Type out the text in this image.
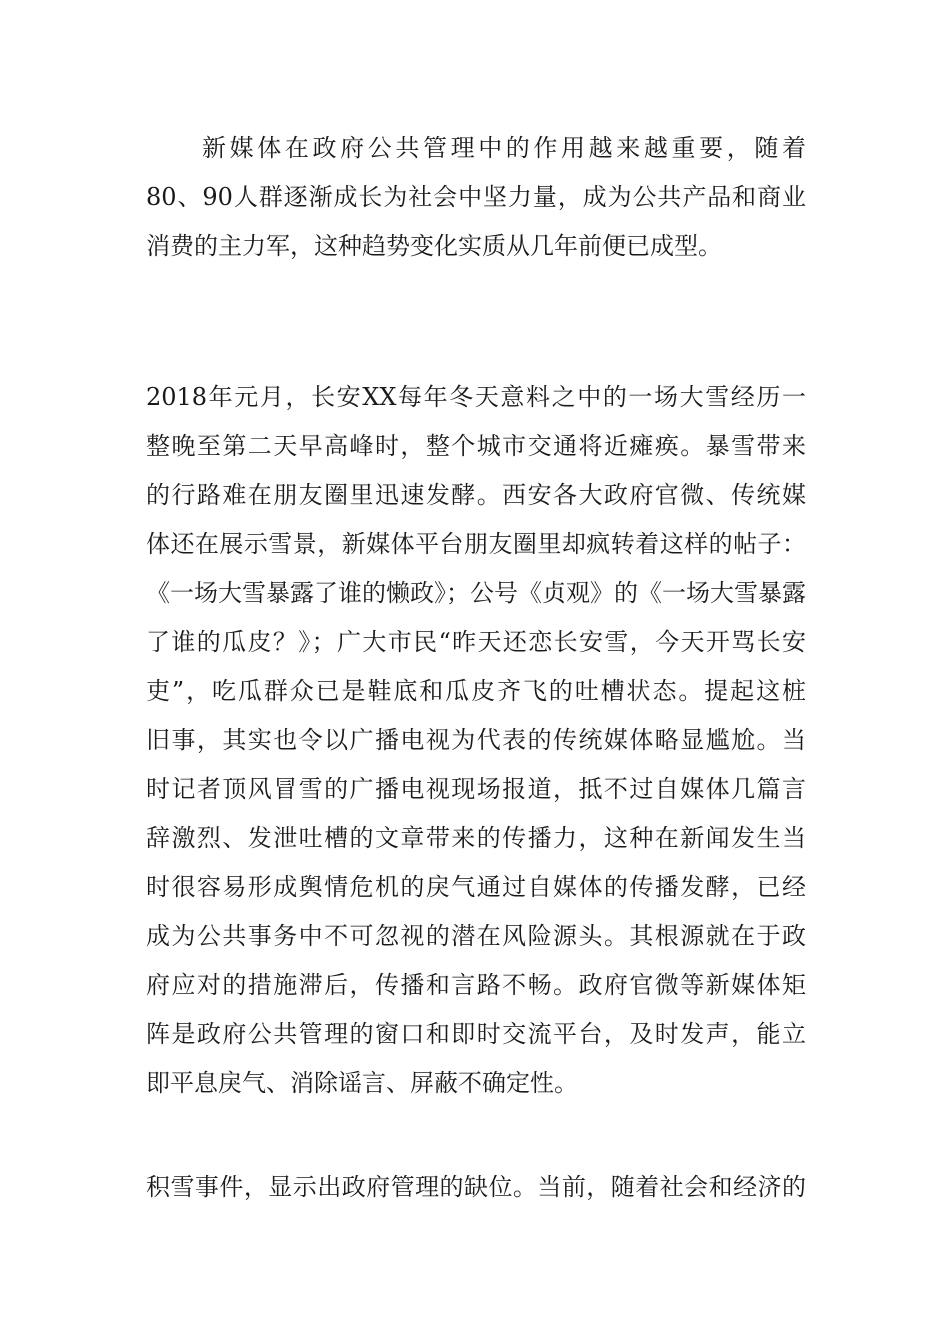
新媒体在政府公共管理中的作用越来越重要，随着
80、90人群逐渐成长为社会中坚力量，成为公共产品和商业
消费的主力军，这种趋势变化实质从几年前便已成型。
2018年元月，长安XX每年冬天意料之中的一场大雪经历一
整晚至第二天早高峰时，整个城市交通将近瘫痪。暴雪带来
的行路难在朋友圈里迅速发酵。西安各大政府官微、传统媒
体还在展示雪景，新媒体平台朋友圈里却疯转着这样的帖子：
《一场大雪暴露了谁的懒政》；公号《贞观》的《一场大雪暴露
了谁的瓜皮？》；广大市民“昨天还恋长安雪，今天开骂长安
吏”，吃瓜群众已是鞋底和瓜皮齐飞的吐槽状态。提起这桩
旧事，其实也令以广播电视为代表的传统媒体略显尴尬。当
时记者顶风冒雪的广播电视现场报道，抵不过自媒体几篇言
辞激烈、发泄吐槽的文章带来的传播力，这种在新闻发生当
时很容易形成舆情危机的戾气通过自媒体的传播发酵，已经
成为公共事务中不可忽视的潜在风险源头。其根源就在于政
府应对的措施滞后，传播和言路不畅。政府官微等新媒体矩
阵是政府公共管理的窗口和即时交流平台，及时发声，能立
即平息戾气、消除谣言、屏蔽不确定性。
积雪事件，显示出政府管理的缺位。当前，随着社会和经济的
